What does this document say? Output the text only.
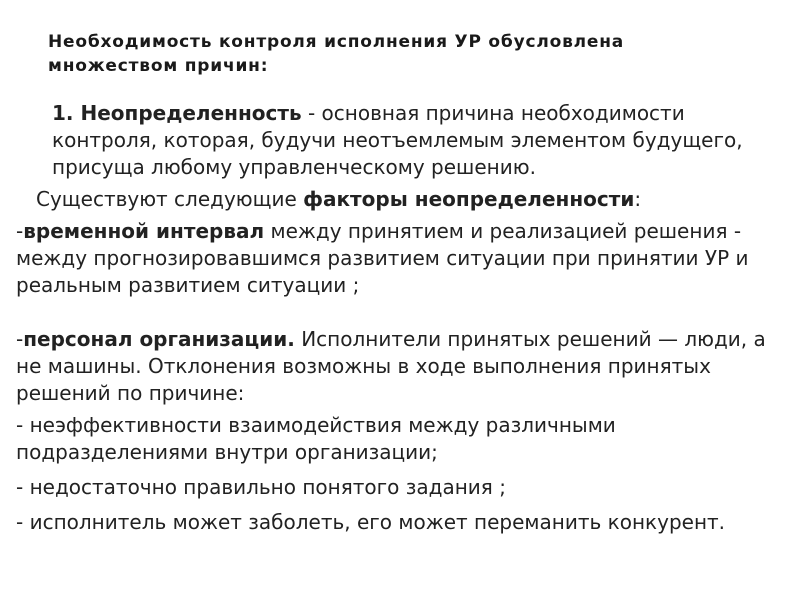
Необходимость контроля исполнения УР обусловлена
множеством причин:

1. Неопределенность - основная причина необходимости контроля, которая, будучи неотъемлемым элементом будущего, присуща любому управленческому решению.

Существуют следующие факторы неопределенности:

-временной интервал между принятием и реализацией решения - между прогнозировавшимся развитием ситуации при принятии УР и реальным развитием ситуации ;

-персонал организации. Исполнители принятых решений — люди, а не машины. Отклонения возможны в ходе выполнения принятых решений по причине:

- неэффективности взаимодействия между различными подразделениями внутри организации;

- недостаточно правильно понятого задания ;

- исполнитель может заболеть, его может переманить конкурент.
